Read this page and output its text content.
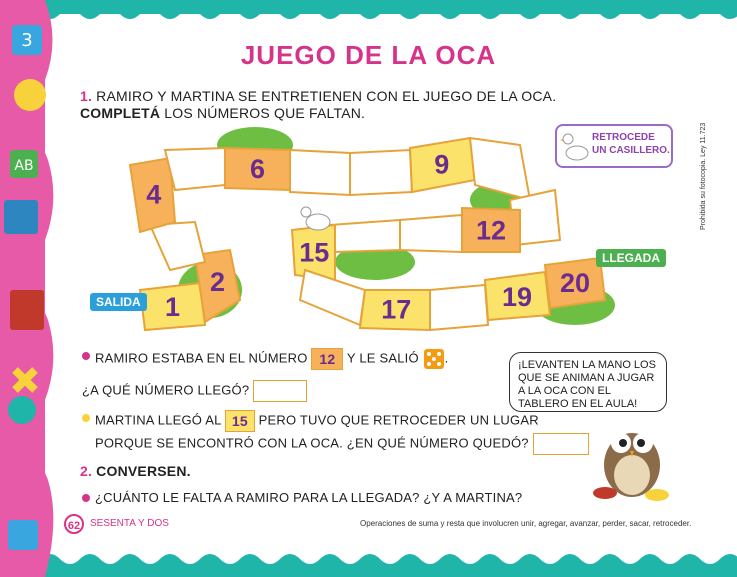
3
AB
JUEGO DE LA OCA
1. RAMIRO Y MARTINA SE ENTRETIENEN CON EL JUEGO DE LA OCA.
COMPLETÁ LOS NÚMEROS QUE FALTAN.
1
2
4
6	9
12
15
17	19 20
SALIDA
LLEGADA
RETROCEDE
UN CASILLERO.
RAMIRO ESTABA EN EL NÚMERO 12 Y LE SALIÓ .
¿A QUÉ NÚMERO LLEGÓ?
MARTINA LLEGÓ AL 15 PERO TUVO QUE RETROCEDER UN LUGAR
PORQUE SE ENCONTRÓ CON LA OCA. ¿EN QUÉ NÚMERO QUEDÓ?
2. CONVERSEN.
¿CUÁNTO LE FALTA A RAMIRO PARA LA LLEGADA? ¿Y A MARTINA?
¡LEVANTEN LA MANO LOS QUE SE ANIMAN A JUGAR A LA OCA CON EL TABLERO EN EL AULA!
62 SESENTA Y DOS	Operaciones de suma y resta que involucren unir, agregar, avanzar, perder, sacar, retroceder.
Prohibida su fotocopia. Ley 11.723
